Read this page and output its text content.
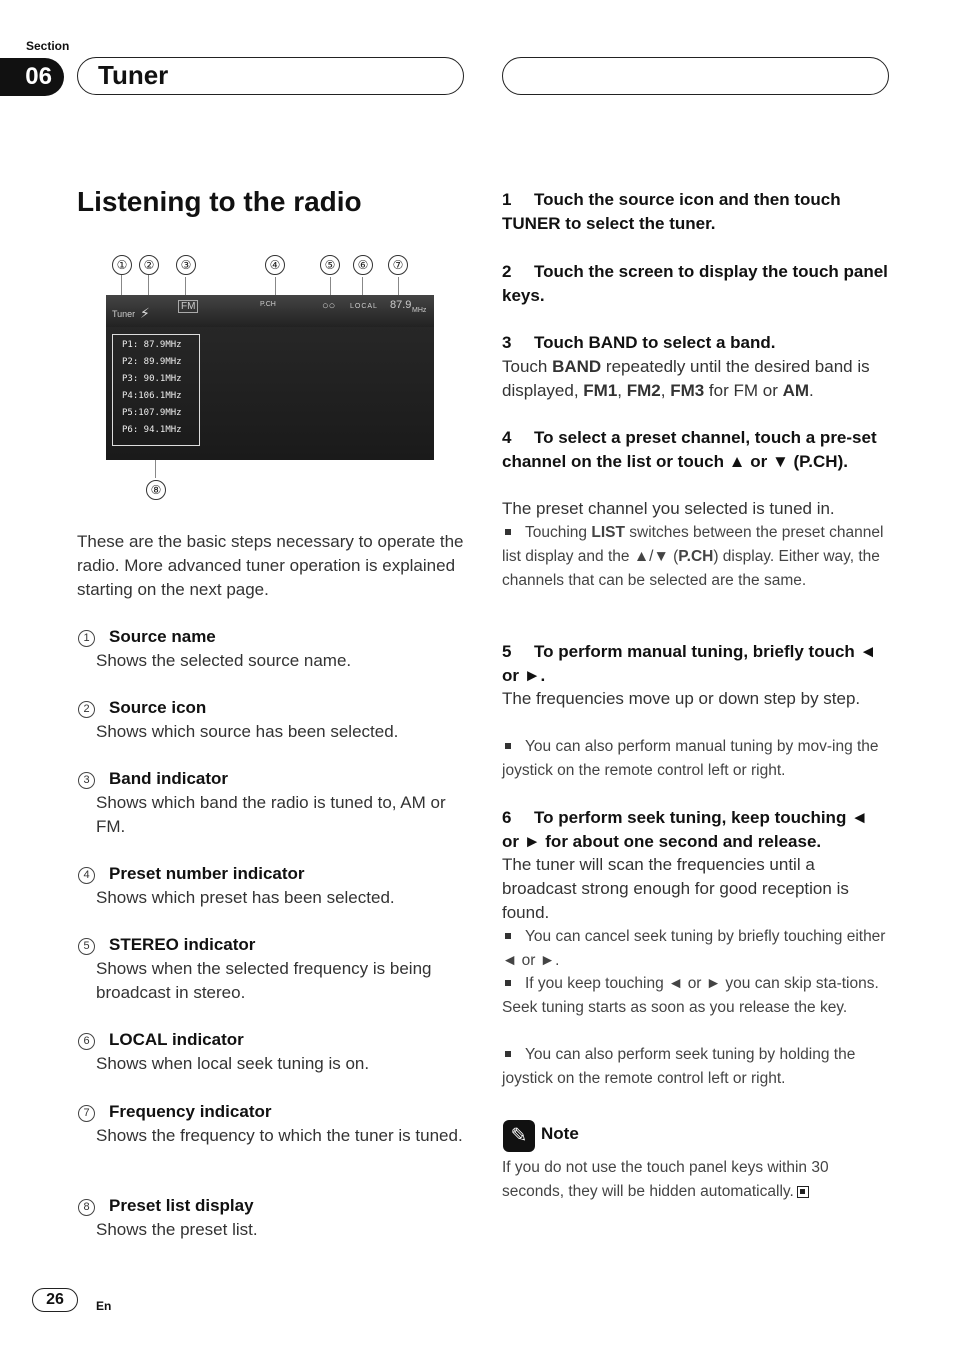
Section
06	Tuner
Listening to the radio
①	②	③	④	⑤	⑥	⑦
Tuner ⚡	FM	P.CH	○○ LOCAL 87.9 MHz
P1: 87.9MHz
P2: 89.9MHz
P3: 90.1MHz
P4:106.1MHz
P5:107.9MHz
P6: 94.1MHz
⑧

These are the basic steps necessary to operate the radio. More advanced tuner operation is explained starting on the next page.

1	Source name

Shows the selected source name.

2	Source icon

Shows which source has been selected.

3	Band indicator

Shows which band the radio is tuned to, AM or FM.

4	Preset number indicator

Shows which preset has been selected.

5	STEREO indicator

Shows when the selected frequency is being broadcast in stereo.

6	LOCAL indicator

Shows when local seek tuning is on.

7	Frequency indicator

Shows the frequency to which the tuner is tuned.

8	Preset list display

Shows the preset list.

1 Touch the source icon and then touch TUNER to select the tuner.

2 Touch the screen to display the touch panel keys.

3 Touch BAND to select a band.

Touch BAND repeatedly until the desired band is displayed, FM1, FM2, FM3 for FM or AM.

4 To select a preset channel, touch a pre-set channel on the list or touch ▲ or ▼ (P.CH).

The preset channel you selected is tuned in.

Touching LIST switches between the preset channel list display and the ▲/▼ (P.CH) display. Either way, the channels that can be selected are the same.

5 To perform manual tuning, briefly touch ◄ or ►.

The frequencies move up or down step by step.

You can also perform manual tuning by mov-ing the joystick on the remote control left or right.

6 To perform seek tuning, keep touching ◄ or ► for about one second and release.

The tuner will scan the frequencies until a broadcast strong enough for good reception is found.

You can cancel seek tuning by briefly touching either ◄ or ►.

If you keep touching ◄ or ► you can skip sta-tions. Seek tuning starts as soon as you release the key.

You can also perform seek tuning by holding the joystick on the remote control left or right.

✎ Note

If you do not use the touch panel keys within 30 seconds, they will be hidden automatically.

26	En
